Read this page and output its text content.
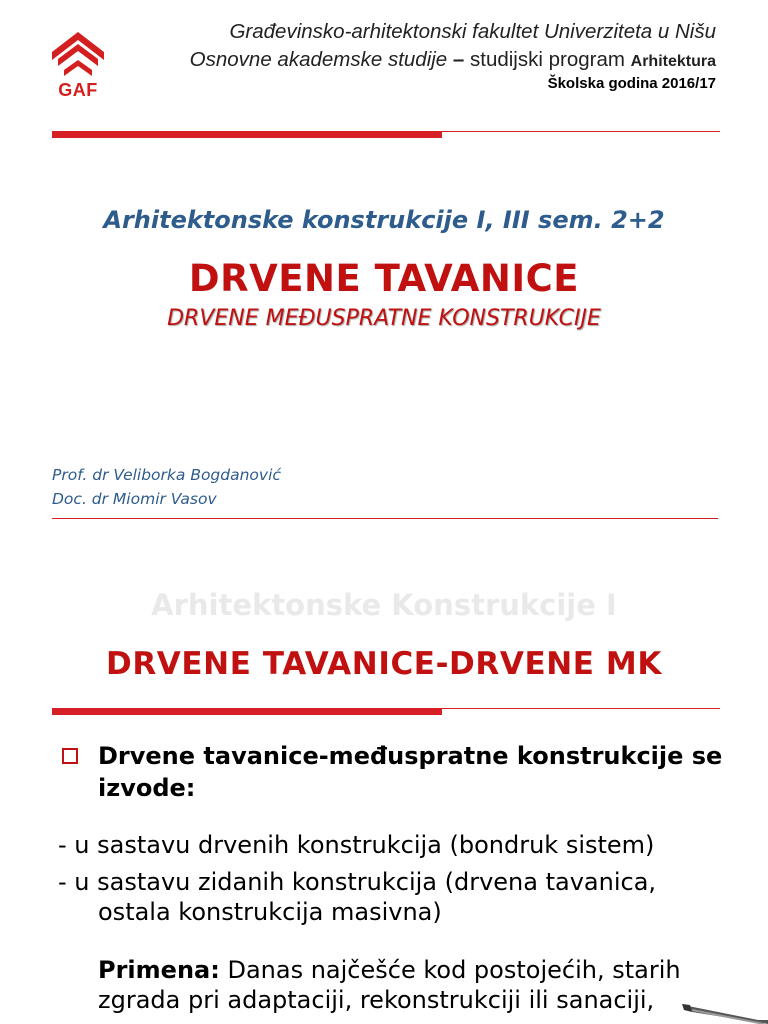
GAF
Građevinsko-arhitektonski fakultet Univerziteta u Nišu
Osnovne akademske studije – studijski program Arhitektura
Školska godina 2016/17
Arhitektonske konstrukcije I, III sem. 2+2
DRVENE TAVANICE
DRVENE MEĐUSPRATNE KONSTRUKCIJE
Prof. dr Veliborka Bogdanović
Doc. dr Miomir Vasov
Arhitektonske Konstrukcije I
DRVENE TAVANICE-DRVENE MK
Drvene tavanice-međuspratne konstrukcije se izvode:
- u sastavu drvenih konstrukcija (bondruk sistem)
- u sastavu zidanih konstrukcija (drvena tavanica,
ostala konstrukcija masivna)
Primena: Danas najčešće kod postojećih, starih zgrada pri adaptaciji, rekonstrukciji ili sanaciji,
